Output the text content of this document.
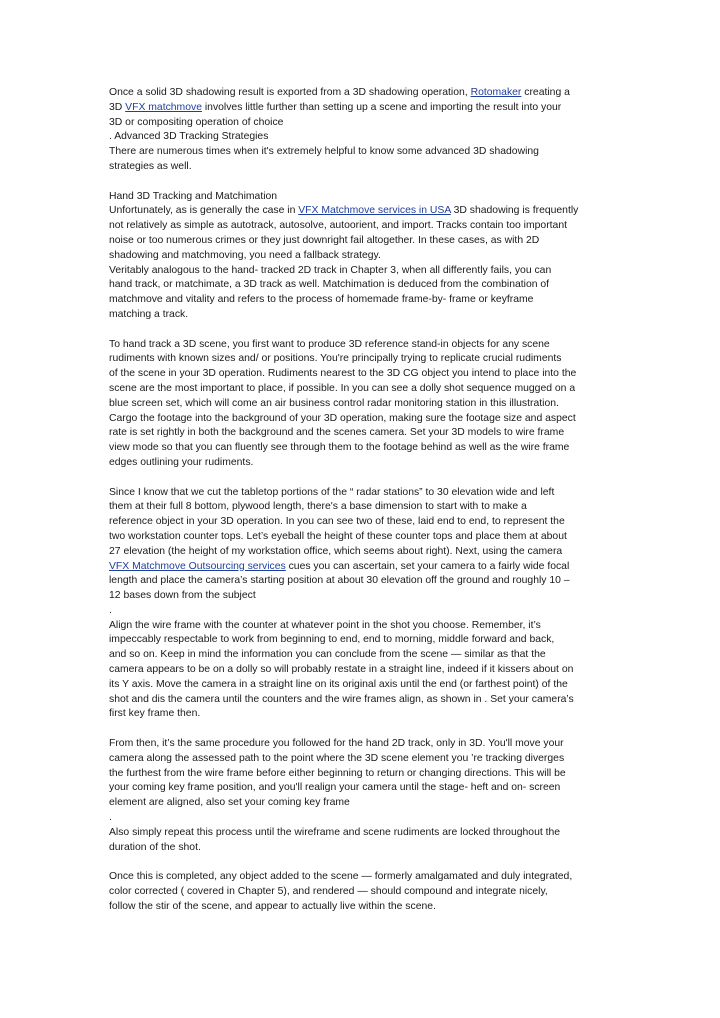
Once a solid 3D shadowing result is exported from a 3D shadowing operation, Rotomaker creating a
3D VFX matchmove involves little further than setting up a scene and importing the result into your
3D or compositing operation of choice
. Advanced 3D Tracking Strategies
There are numerous times when it's extremely helpful to know some advanced 3D shadowing
strategies as well.
Hand 3D Tracking and Matchimation
Unfortunately, as is generally the case in VFX Matchmove services in USA 3D shadowing is frequently
not relatively as simple as autotrack, autosolve, autoorient, and import. Tracks contain too important
noise or too numerous crimes or they just downright fail altogether. In these cases, as with 2D
shadowing and matchmoving, you need a fallback strategy.
Veritably analogous to the hand- tracked 2D track in Chapter 3, when all differently fails, you can
hand track, or matchimate, a 3D track as well. Matchimation is deduced from the combination of
matchmove and vitality and refers to the process of homemade frame-by- frame or keyframe
matching a track.
To hand track a 3D scene, you first want to produce 3D reference stand-in objects for any scene
rudiments with known sizes and/ or positions. You're principally trying to replicate crucial rudiments
of the scene in your 3D operation. Rudiments nearest to the 3D CG object you intend to place into the
scene are the most important to place, if possible. In you can see a dolly shot sequence mugged on a
blue screen set, which will come an air business control radar monitoring station in this illustration.
Cargo the footage into the background of your 3D operation, making sure the footage size and aspect
rate is set rightly in both the background and the scenes camera. Set your 3D models to wire frame
view mode so that you can fluently see through them to the footage behind as well as the wire frame
edges outlining your rudiments.
Since I know that we cut the tabletop portions of the “ radar stations” to 30 elevation wide and left
them at their full 8 bottom, plywood length, there's a base dimension to start with to make a
reference object in your 3D operation. In you can see two of these, laid end to end, to represent the
two workstation counter tops. Let’s eyeball the height of these counter tops and place them at about
27 elevation (the height of my workstation office, which seems about right). Next, using the camera
VFX Matchmove Outsourcing services cues you can ascertain, set your camera to a fairly wide focal
length and place the camera’s starting position at about 30 elevation off the ground and roughly 10 –
12 bases down from the subject
.
Align the wire frame with the counter at whatever point in the shot you choose. Remember, it’s
impeccably respectable to work from beginning to end, end to morning, middle forward and back,
and so on. Keep in mind the information you can conclude from the scene — similar as that the
camera appears to be on a dolly so will probably restate in a straight line, indeed if it kissers about on
its Y axis. Move the camera in a straight line on its original axis until the end (or farthest point) of the
shot and dis the camera until the counters and the wire frames align, as shown in . Set your camera’s
first key frame then.
From then, it’s the same procedure you followed for the hand 2D track, only in 3D. You'll move your
camera along the assessed path to the point where the 3D scene element you ’re tracking diverges
the furthest from the wire frame before either beginning to return or changing directions. This will be
your coming key frame position, and you'll realign your camera until the stage- heft and on- screen
element are aligned, also set your coming key frame
.
Also simply repeat this process until the wireframe and scene rudiments are locked throughout the
duration of the shot.
Once this is completed, any object added to the scene — formerly amalgamated and duly integrated,
color corrected ( covered in Chapter 5), and rendered — should compound and integrate nicely,
follow the stir of the scene, and appear to actually live within the scene.
